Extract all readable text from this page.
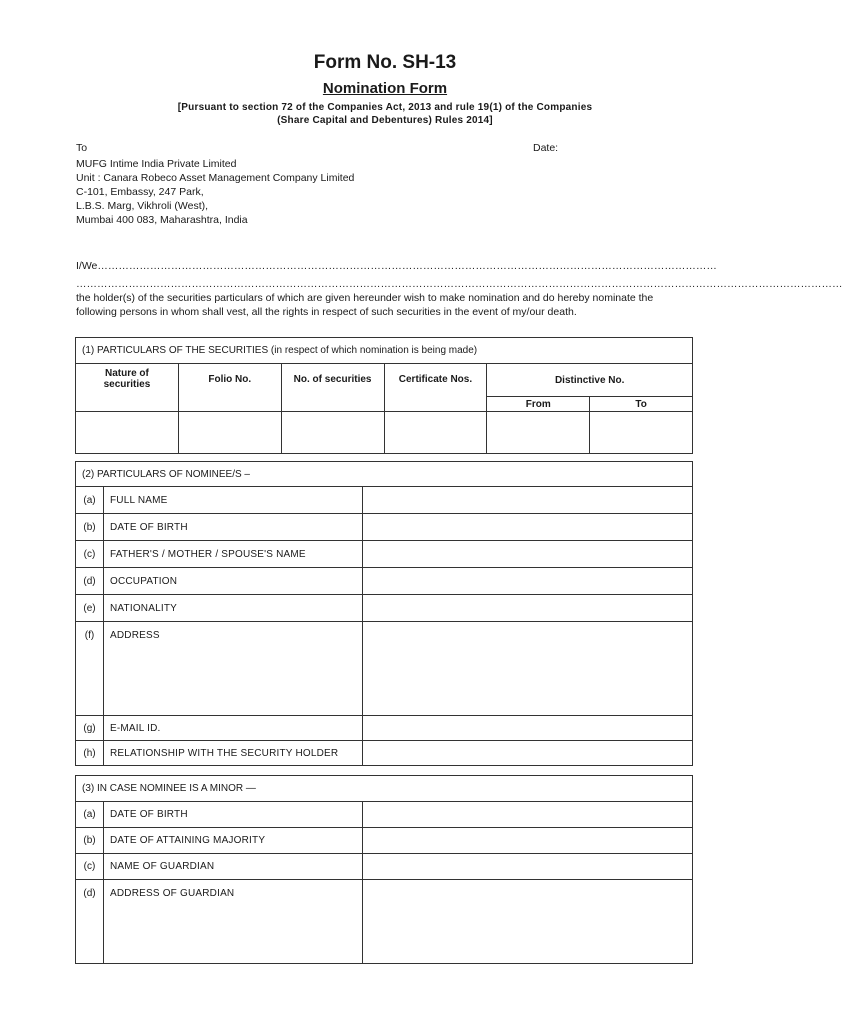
Form No. SH-13
Nomination Form
[Pursuant to section 72 of the Companies Act, 2013 and rule 19(1) of the Companies
(Share Capital and Debentures) Rules 2014]
To	Date:
MUFG Intime India Private Limited
Unit : Canara Robeco Asset Management Company Limited
C-101, Embassy, 247 Park,
L.B.S. Marg, Vikhroli (West),
Mumbai 400 083, Maharashtra, India
I/We……………………………………………………………………………………………………………………………………………………………
…………………………………………………………………………………………………………………………………………………………………………………………………
the holder(s) of the securities particulars of which are given hereunder wish to make nomination and do hereby nominate the
following persons in whom shall vest, all the rights in respect of such securities in the event of my/our death.
(1) PARTICULARS OF THE SECURITIES (in respect of which nomination is being made)					
Nature of securities	Folio No.	No. of securities	Certificate Nos.	Distinctive No.	
				From	To

(2) PARTICULARS OF NOMINEE/S –		
(a)	FULL NAME	
(b)	DATE OF BIRTH	
(c)	FATHER'S / MOTHER / SPOUSE'S NAME	
(d)	OCCUPATION	
(e)	NATIONALITY	
(f)	ADDRESS	
(g)	E-MAIL ID.	
(h)	RELATIONSHIP WITH THE SECURITY HOLDER	
(3) IN CASE NOMINEE IS A MINOR —		
(a)	DATE OF BIRTH	
(b)	DATE OF ATTAINING MAJORITY	
(c)	NAME OF GUARDIAN	
(d)	ADDRESS OF GUARDIAN	
